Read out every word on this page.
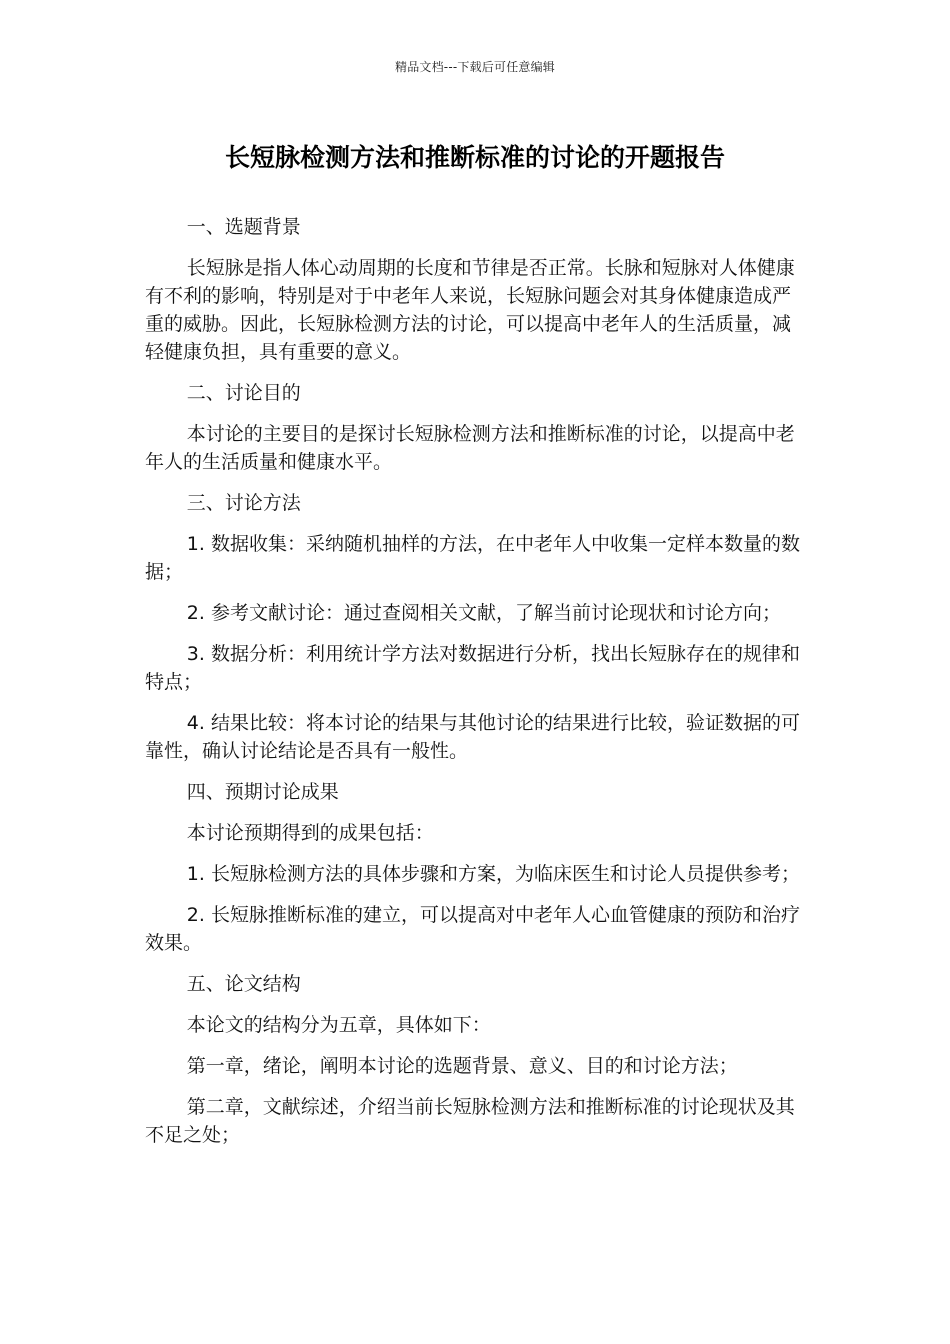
精品文档---下载后可任意编辑
长短脉检测方法和推断标准的讨论的开题报告

一、选题背景

长短脉是指人体心动周期的长度和节律是否正常。长脉和短脉对人体健康有不利的影响，特别是对于中老年人来说，长短脉问题会对其身体健康造成严重的威胁。因此，长短脉检测方法的讨论，可以提高中老年人的生活质量，减轻健康负担，具有重要的意义。

二、讨论目的

本讨论的主要目的是探讨长短脉检测方法和推断标准的讨论，以提高中老年人的生活质量和健康水平。

三、讨论方法

1. 数据收集：采纳随机抽样的方法，在中老年人中收集一定样本数量的数据；

2. 参考文献讨论：通过查阅相关文献，了解当前讨论现状和讨论方向；

3. 数据分析：利用统计学方法对数据进行分析，找出长短脉存在的规律和特点；

4. 结果比较：将本讨论的结果与其他讨论的结果进行比较，验证数据的可靠性，确认讨论结论是否具有一般性。

四、预期讨论成果

本讨论预期得到的成果包括：

1. 长短脉检测方法的具体步骤和方案，为临床医生和讨论人员提供参考；

2. 长短脉推断标准的建立，可以提高对中老年人心血管健康的预防和治疗效果。

五、论文结构

本论文的结构分为五章，具体如下：

第一章，绪论，阐明本讨论的选题背景、意义、目的和讨论方法；

第二章，文献综述，介绍当前长短脉检测方法和推断标准的讨论现状及其不足之处；
